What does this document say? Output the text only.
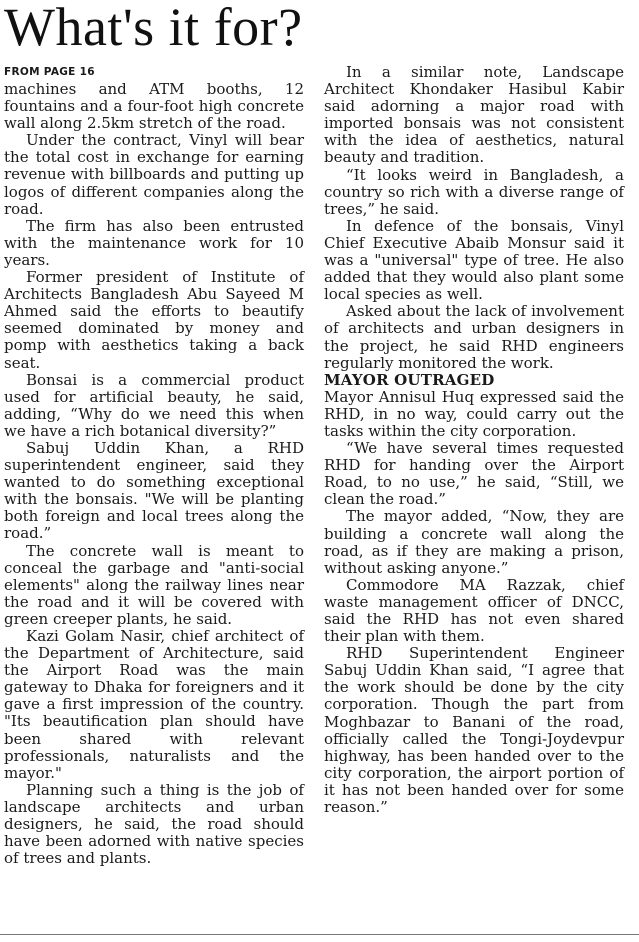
What's it for?

FROM PAGE 16

machines and ATM booths, 12 fountains and a four-foot high concrete wall along 2.5km stretch of the road.

Under the contract, Vinyl will bear the total cost in exchange for earning revenue with billboards and putting up logos of different companies along the road.

The firm has also been entrusted with the maintenance work for 10 years.

Former president of Institute of Architects Bangladesh Abu Sayeed M Ahmed said the efforts to beautify seemed dominated by money and pomp with aesthetics taking a back seat.

Bonsai is a commercial product used for artificial beauty, he said, adding, “Why do we need this when we have a rich botanical diversity?”

Sabuj Uddin Khan, a RHD superintendent engineer, said they wanted to do something exceptional with the bonsais. "We will be planting both foreign and local trees along the road.”

The concrete wall is meant to conceal the garbage and "anti-social elements" along the railway lines near the road and it will be covered with green creeper plants, he said.

Kazi Golam Nasir, chief architect of the Department of Architecture, said the Airport Road was the main gateway to Dhaka for foreigners and it gave a first impression of the country. "Its beautification plan should have been shared with relevant professionals, naturalists and the mayor."

Planning such a thing is the job of landscape architects and urban designers, he said, the road should have been adorned with native species of trees and plants.

In a similar note, Landscape Architect Khondaker Hasibul Kabir said adorning a major road with imported bonsais was not consistent with the idea of aesthetics, natural beauty and tradition.

“It looks weird in Bangladesh, a country so rich with a diverse range of trees,” he said.

In defence of the bonsais, Vinyl Chief Executive Abaib Monsur said it was a "universal" type of tree. He also added that they would also plant some local species as well.

Asked about the lack of involvement of architects and urban designers in the project, he said RHD engineers regularly monitored the work.

MAYOR OUTRAGED

Mayor Annisul Huq expressed said the RHD, in no way, could carry out the tasks within the city corporation.

“We have several times requested RHD for handing over the Airport Road, to no use,” he said, “Still, we clean the road.”

The mayor added, “Now, they are building a concrete wall along the road, as if they are making a prison, without asking anyone.”

Commodore MA Razzak, chief waste management officer of DNCC, said the RHD has not even shared their plan with them.

RHD Superintendent Engineer Sabuj Uddin Khan said, “I agree that the work should be done by the city corporation. Though the part from Moghbazar to Banani of the road, officially called the Tongi-Joydevpur highway, has been handed over to the city corporation, the airport portion of it has not been handed over for some reason.”
